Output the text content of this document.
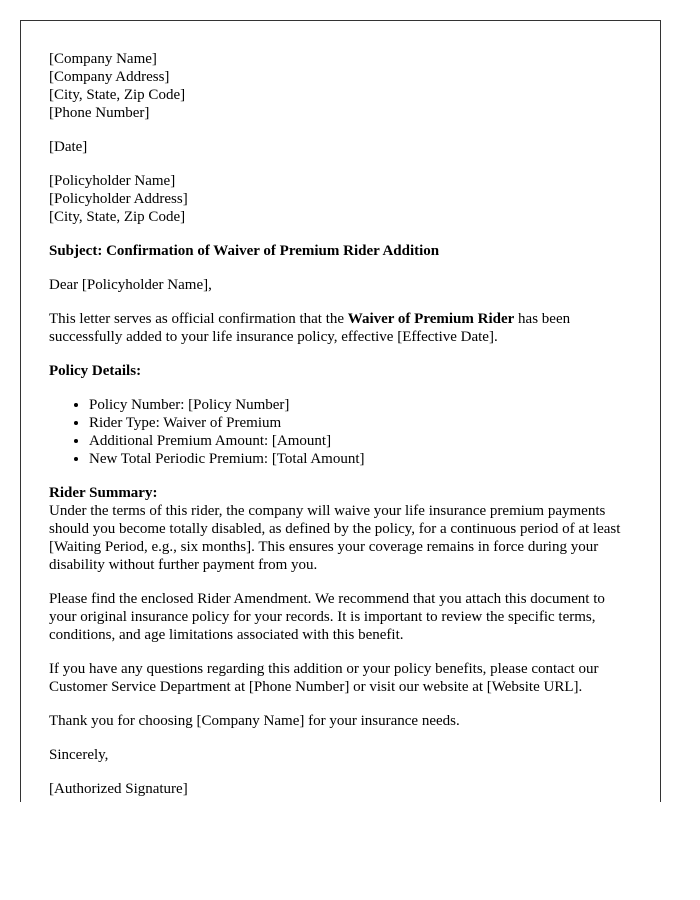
[Company Name]
[Company Address]
[City, State, Zip Code]
[Phone Number]

[Date]

[Policyholder Name]
[Policyholder Address]
[City, State, Zip Code]

Subject: Confirmation of Waiver of Premium Rider Addition

Dear [Policyholder Name],

This letter serves as official confirmation that the Waiver of Premium Rider has been successfully added to your life insurance policy, effective [Effective Date].

Policy Details:

• Policy Number: [Policy Number]
• Rider Type: Waiver of Premium
• Additional Premium Amount: [Amount]
• New Total Periodic Premium: [Total Amount]

Rider Summary:
Under the terms of this rider, the company will waive your life insurance premium payments should you become totally disabled, as defined by the policy, for a continuous period of at least [Waiting Period, e.g., six months]. This ensures your coverage remains in force during your disability without further payment from you.

Please find the enclosed Rider Amendment. We recommend that you attach this document to your original insurance policy for your records. It is important to review the specific terms, conditions, and age limitations associated with this benefit.

If you have any questions regarding this addition or your policy benefits, please contact our Customer Service Department at [Phone Number] or visit our website at [Website URL].

Thank you for choosing [Company Name] for your insurance needs.

Sincerely,

[Authorized Signature]
